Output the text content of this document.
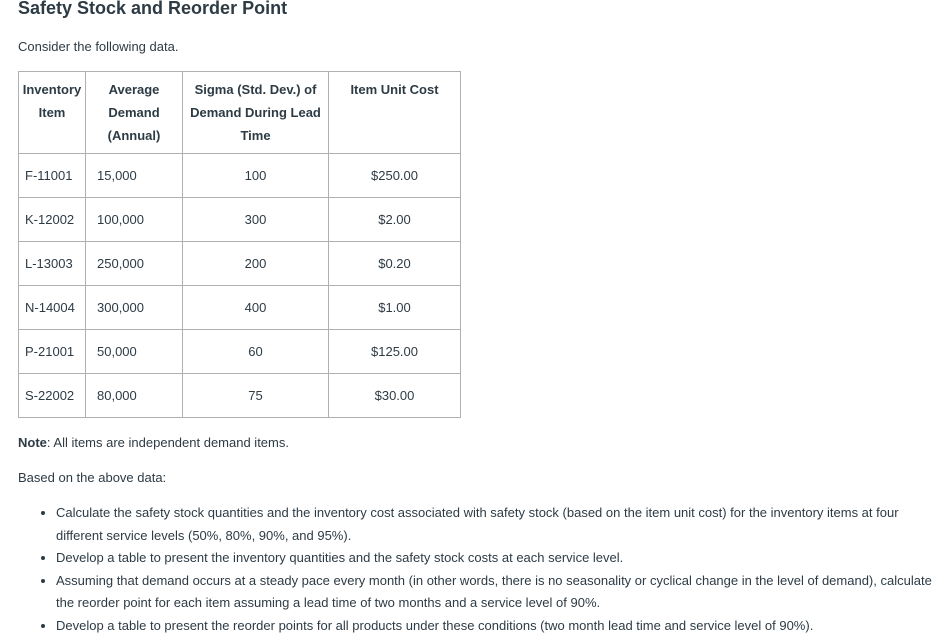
Safety Stock and Reorder Point
Consider the following data.
Inventory Item	Average Demand (Annual)	Sigma (Std. Dev.) of Demand During Lead Time	Item Unit Cost
F-11001	15,000	100	$250.00
K-12002	100,000	300	$2.00
L-13003	250,000	200	$0.20
N-14004	300,000	400	$1.00
P-21001	50,000	60	$125.00
S-22002	80,000	75	$30.00
Note: All items are independent demand items.
Based on the above data:
• Calculate the safety stock quantities and the inventory cost associated with safety stock (based on the item unit cost) for the inventory items at four different service levels (50%, 80%, 90%, and 95%).
• Develop a table to present the inventory quantities and the safety stock costs at each service level.
• Assuming that demand occurs at a steady pace every month (in other words, there is no seasonality or cyclical change in the level of demand), calculate the reorder point for each item assuming a lead time of two months and a service level of 90%.
• Develop a table to present the reorder points for all products under these conditions (two month lead time and service level of 90%).
